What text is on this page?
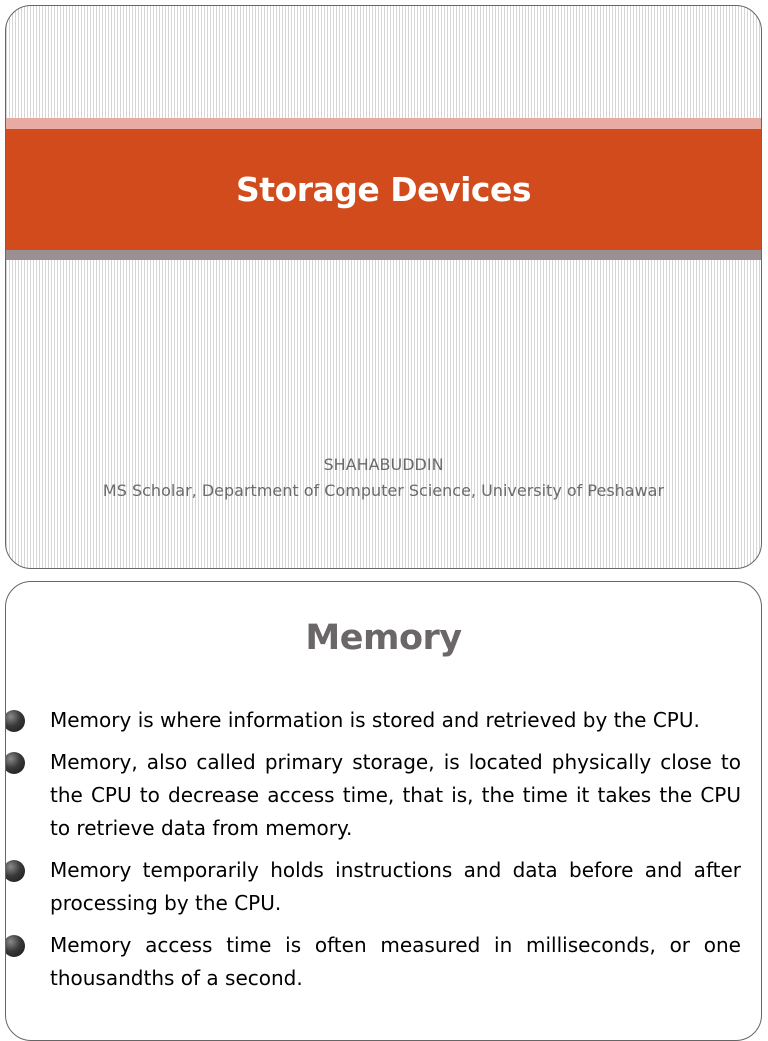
Storage Devices
SHAHABUDDIN
MS Scholar, Department of Computer Science, University of Peshawar
Memory
Memory is where information is stored and retrieved by the CPU.
Memory, also called primary storage, is located physically close to the CPU to decrease access time, that is, the time it takes the CPU to retrieve data from memory.
Memory temporarily holds instructions and data before and after processing by the CPU.
Memory access time is often measured in milliseconds, or one thousandths of a second.
